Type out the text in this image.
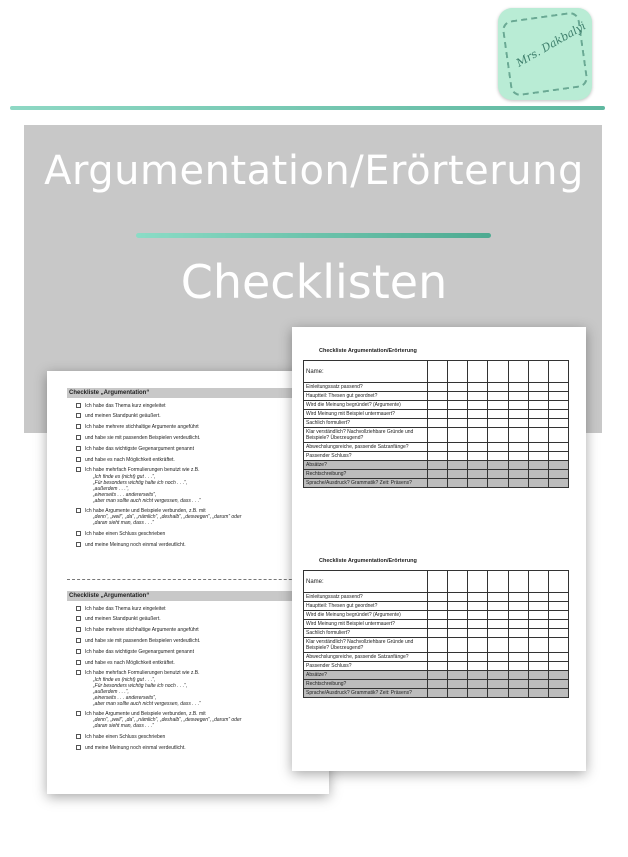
Mrs. Dakbalyi
Argumentation/Erörterung
Checklisten
Checkliste „Argumentation“
Ich habe das Thema kurz eingeleitet
und meinen Standpunkt geäußert.
Ich habe mehrere stichhaltige Argumente angeführt
und habe sie mit passenden Beispielen verdeutlicht.
Ich habe das wichtigste Gegenargument genannt
und habe es nach Möglichkeit entkräftet.
Ich habe mehrfach Formulierungen benutzt wie z.B.
„Ich finde es (nicht) gut . . .“,
„Für besonders wichtig halte ich noch . . .“,
„außerdem . . .“,
„einerseits . . . andererseits“,
„aber man sollte auch nicht vergessen, dass . . .“
Ich habe Argumente und Beispiele verbunden, z.B. mit
„denn“, „weil“, „da“, „nämlich“, „deshalb“, „deswegen“, „darum“ oder
„daran sieht man, dass . . .“
Ich habe einen Schluss geschrieben
und meine Meinung noch einmal verdeutlicht.
Checkliste „Argumentation“
Ich habe das Thema kurz eingeleitet
und meinen Standpunkt geäußert.
Ich habe mehrere stichhaltige Argumente angeführt
und habe sie mit passenden Beispielen verdeutlicht.
Ich habe das wichtigste Gegenargument genannt
und habe es nach Möglichkeit entkräftet.
Ich habe mehrfach Formulierungen benutzt wie z.B.
„Ich finde es (nicht) gut . . .“,
„Für besonders wichtig halte ich noch . . .“,
„außerdem . . .“,
„einerseits . . . andererseits“,
„aber man sollte auch nicht vergessen, dass . . .“
Ich habe Argumente und Beispiele verbunden, z.B. mit
„denn“, „weil“, „da“, „nämlich“, „deshalb“, „deswegen“, „darum“ oder
„daran sieht man, dass . . .“
Ich habe einen Schluss geschrieben
und meine Meinung noch einmal verdeutlicht.
Checkliste Argumentation/Erörterung
Name:							
Einleitungssatz passend?							
Hauptteil: Thesen gut geordnet?							
Wird die Meinung begründet? (Argumente)							
Wird Meinung mit Beispiel untermauert?							
Sachlich formuliert?							
Klar verständlich? Nachvollziehbare Gründe und Beispiele? Überzeugend?							
Abwechslungsreiche, passende Satzanfänge?							
Passender Schluss?							
Absätze?							
Rechtschreibung?							
Sprache/Ausdruck? Grammatik? Zeit: Präsens?							
Checkliste Argumentation/Erörterung
Name:							
Einleitungssatz passend?							
Hauptteil: Thesen gut geordnet?							
Wird die Meinung begründet? (Argumente)							
Wird Meinung mit Beispiel untermauert?							
Sachlich formuliert?							
Klar verständlich? Nachvollziehbare Gründe und Beispiele? Überzeugend?							
Abwechslungsreiche, passende Satzanfänge?							
Passender Schluss?							
Absätze?							
Rechtschreibung?							
Sprache/Ausdruck? Grammatik? Zeit: Präsens?							
